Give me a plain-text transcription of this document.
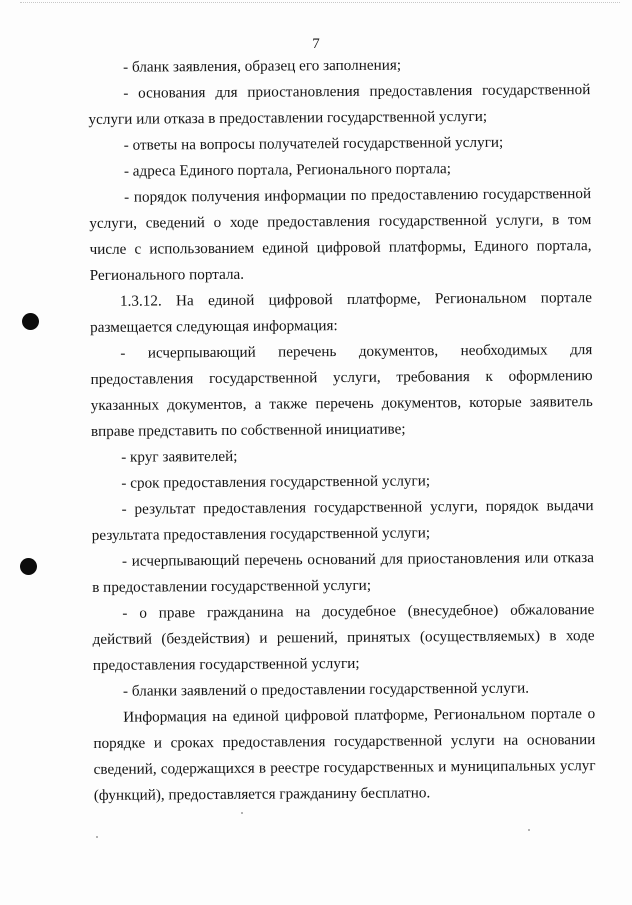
7

- бланк заявления, образец его заполнения;

- основания для приостановления предоставления государственной услуги или отказа в предоставлении государственной услуги;

- ответы на вопросы получателей государственной услуги;

- адреса Единого портала, Регионального портала;

- порядок получения информации по предоставлению государственной услуги, сведений о ходе предоставления государственной услуги, в том числе с использованием единой цифровой платформы, Единого портала, Регионального портала.

1.3.12. На единой цифровой платформе, Региональном портале размещается следующая информация:

- исчерпывающий перечень документов, необходимых для предоставления государственной услуги, требования к оформлению указанных документов, а также перечень документов, которые заявитель вправе представить по собственной инициативе;

- круг заявителей;

- срок предоставления государственной услуги;

- результат предоставления государственной услуги, порядок выдачи результата предоставления государственной услуги;

- исчерпывающий перечень оснований для приостановления или отказа в предоставлении государственной услуги;

- о праве гражданина на досудебное (внесудебное) обжалование действий (бездействия) и решений, принятых (осуществляемых) в ходе предоставления государственной услуги;

- бланки заявлений о предоставлении государственной услуги.

Информация на единой цифровой платформе, Региональном портале о порядке и сроках предоставления государственной услуги на основании сведений, содержащихся в реестре государственных и муниципальных услуг (функций), предоставляется гражданину бесплатно.
